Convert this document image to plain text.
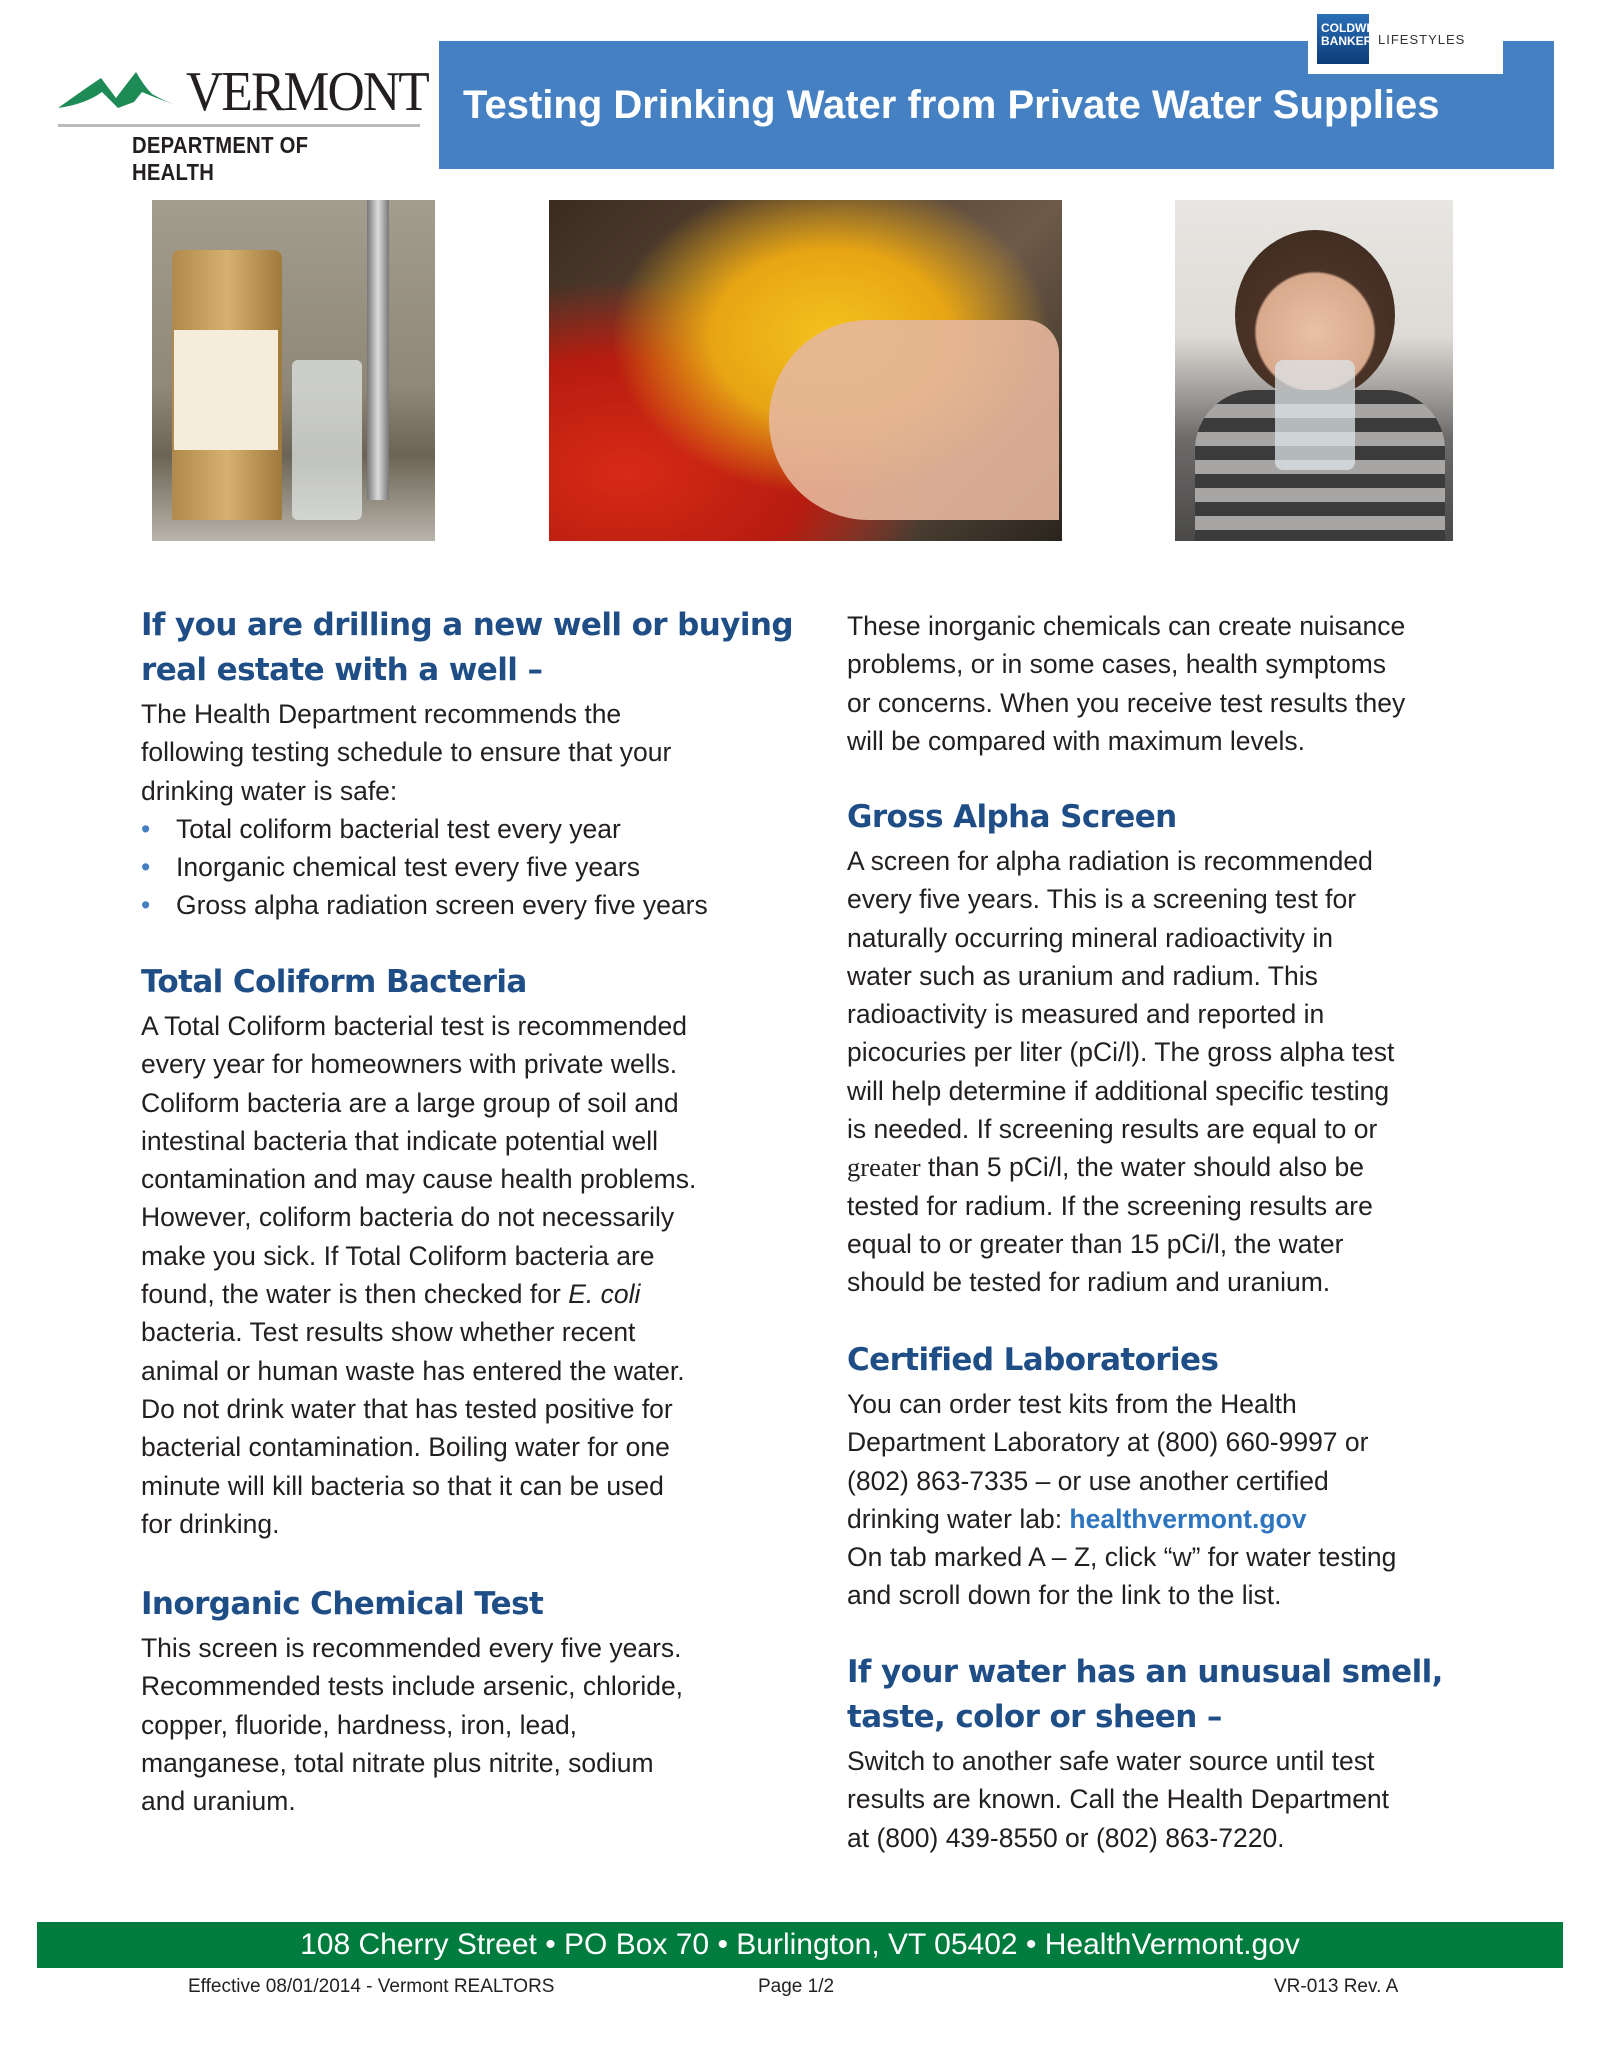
VERMONT
DEPARTMENT OF HEALTH
Testing Drinking Water from Private Water Supplies
COLDWELL BANKER LIFESTYLES
If you are drilling a new well or buying
real estate with a well –
The Health Department recommends the
following testing schedule to ensure that your
drinking water is safe:
• Total coliform bacterial test every year
• Inorganic chemical test every five years
• Gross alpha radiation screen every five years
Total Coliform Bacteria
A Total Coliform bacterial test is recommended
every year for homeowners with private wells.
Coliform bacteria are a large group of soil and
intestinal bacteria that indicate potential well
contamination and may cause health problems.
However, coliform bacteria do not necessarily
make you sick. If Total Coliform bacteria are
found, the water is then checked for E. coli
bacteria. Test results show whether recent
animal or human waste has entered the water.
Do not drink water that has tested positive for
bacterial contamination. Boiling water for one
minute will kill bacteria so that it can be used
for drinking.
Inorganic Chemical Test
This screen is recommended every five years.
Recommended tests include arsenic, chloride,
copper, fluoride, hardness, iron, lead,
manganese, total nitrate plus nitrite, sodium
and uranium.
These inorganic chemicals can create nuisance
problems, or in some cases, health symptoms
or concerns. When you receive test results they
will be compared with maximum levels.
Gross Alpha Screen
A screen for alpha radiation is recommended
every five years. This is a screening test for
naturally occurring mineral radioactivity in
water such as uranium and radium. This
radioactivity is measured and reported in
picocuries per liter (pCi/l). The gross alpha test
will help determine if additional specific testing
is needed. If screening results are equal to or
greater than 5 pCi/l, the water should also be
tested for radium. If the screening results are
equal to or greater than 15 pCi/l, the water
should be tested for radium and uranium.
Certified Laboratories
You can order test kits from the Health
Department Laboratory at (800) 660-9997 or
(802) 863-7335 – or use another certified
drinking water lab: healthvermont.gov
On tab marked A – Z, click “w” for water testing
and scroll down for the link to the list.
If your water has an unusual smell,
taste, color or sheen –
Switch to another safe water source until test
results are known. Call the Health Department
at (800) 439-8550 or (802) 863-7220.
108 Cherry Street • PO Box 70 • Burlington, VT 05402 • HealthVermont.gov
Effective 08/01/2014 - Vermont REALTORS	Page 1/2	VR-013 Rev. A
